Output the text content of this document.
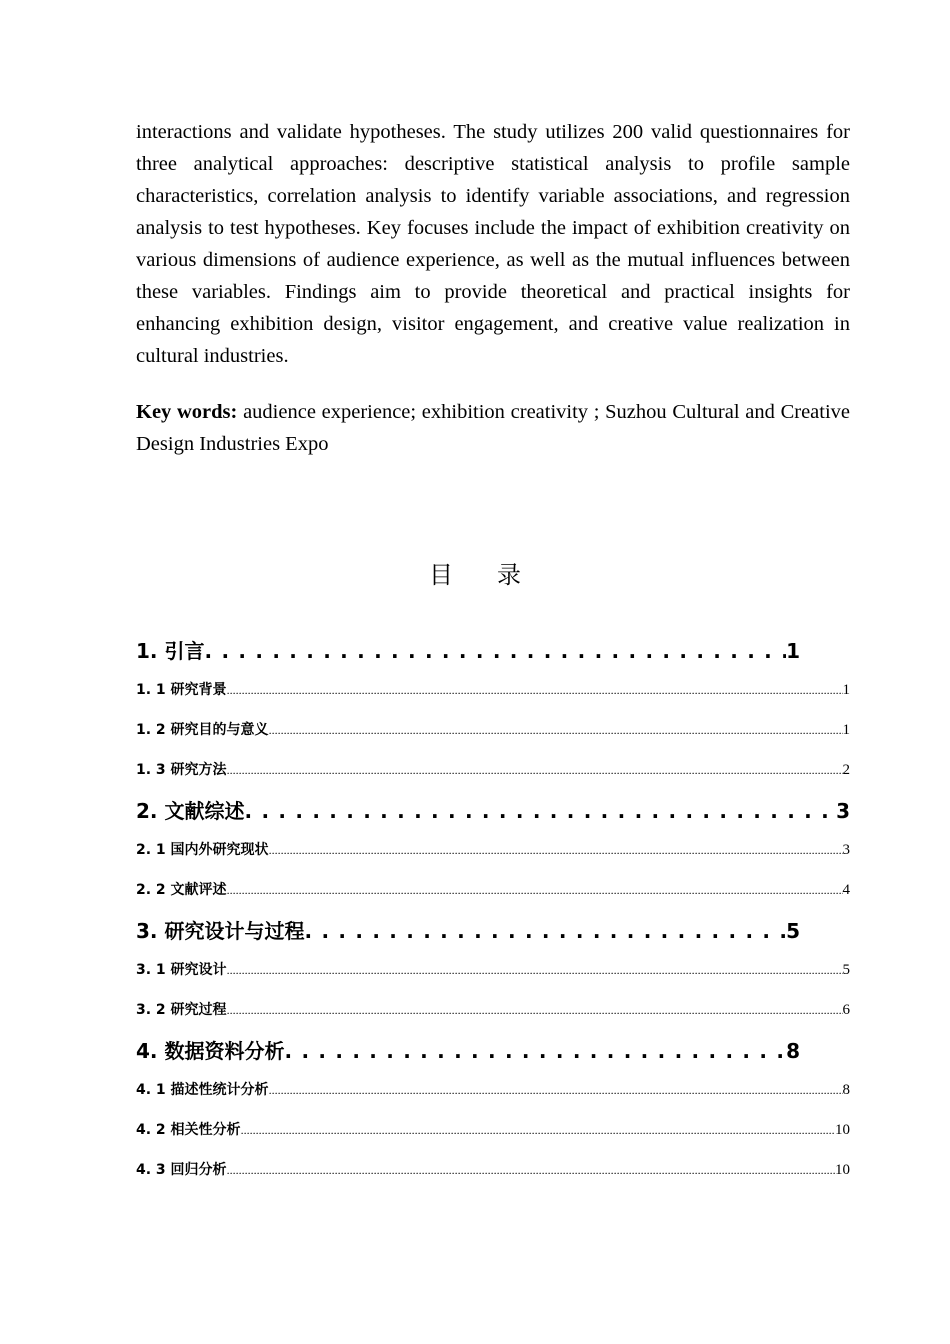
interactions and validate hypotheses. The study utilizes 200 valid questionnaires for three analytical approaches: descriptive statistical analysis to profile sample characteristics, correlation analysis to identify variable associations, and regression analysis to test hypotheses. Key focuses include the impact of exhibition creativity on various dimensions of audience experience, as well as the mutual influences between these variables. Findings aim to provide theoretical and practical insights for enhancing exhibition design, visitor engagement, and creative value realization in cultural industries.

Key words: audience experience; exhibition creativity ; Suzhou Cultural and Creative Design Industries Expo

目 录
1. 引言 . . .	1
1. 1 研究背景 .....	1
1. 2 研究目的与意义 .....	1
1. 3 研究方法 .....	2
2. 文献综述 . . .	3
2. 1 国内外研究现状 .....	3
2. 2 文献评述 .....	4
3. 研究设计与过程 . . .	5
3. 1 研究设计 .....	5
3. 2 研究过程 .....	6
4. 数据资料分析 . . .	8
4. 1 描述性统计分析 .....	8
4. 2 相关性分析 .....	10
4. 3 回归分析 .....	10
